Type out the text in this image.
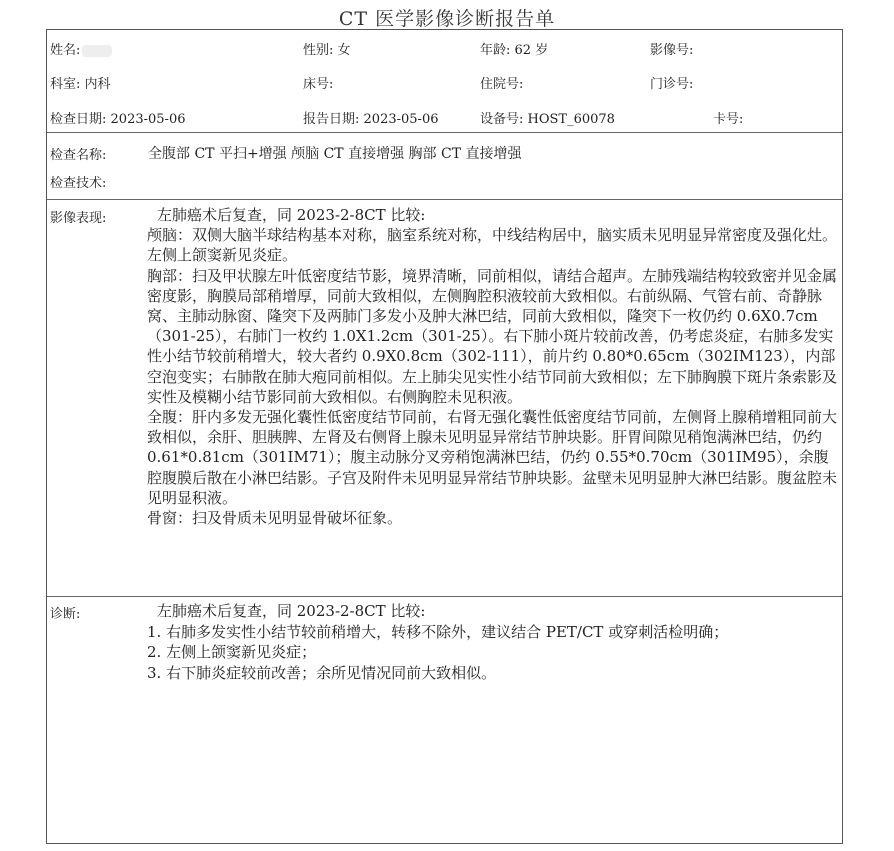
CT 医学影像诊断报告单
姓名:	性别: 女	年龄: 62 岁	影像号:
科室: 内科	床号:	住院号:	门诊号:
检查日期: 2023-05-06	报告日期: 2023-05-06	设备号: HOST_60078	卡号:
检查名称:	全腹部 CT 平扫+增强 颅脑 CT 直接增强 胸部 CT 直接增强
检查技术:
影像表现:	左肺癌术后复查，同 2023-2-8CT 比较:

颅脑：双侧大脑半球结构基本对称，脑室系统对称，中线结构居中，脑实质未见明显异常密度及强化灶。左侧上颌窦新见炎症。

胸部：扫及甲状腺左叶低密度结节影，境界清晰，同前相似，请结合超声。左肺残端结构较致密并见金属密度影，胸膜局部稍增厚，同前大致相似，左侧胸腔积液较前大致相似。右前纵隔、气管右前、奇静脉窝、主肺动脉窗、隆突下及两肺门多发小及肿大淋巴结，同前大致相似，隆突下一枚仍约 0.6X0.7cm（301-25），右肺门一枚约 1.0X1.2cm（301-25）。右下肺小斑片较前改善，仍考虑炎症，右肺多发实性小结节较前稍增大，较大者约 0.9X0.8cm（302-111），前片约 0.80*0.65cm（302IM123），内部空泡变实；右肺散在肺大疱同前相似。左上肺尖见实性小结节同前大致相似；左下肺胸膜下斑片条索影及实性及模糊小结节影同前大致相似。右侧胸腔未见积液。

全腹：肝内多发无强化囊性低密度结节同前，右肾无强化囊性低密度结节同前，左侧肾上腺稍增粗同前大致相似，余肝、胆胰脾、左肾及右侧肾上腺未见明显异常结节肿块影。肝胃间隙见稍饱满淋巴结，仍约 0.61*0.81cm（301IM71）；腹主动脉分叉旁稍饱满淋巴结，仍约 0.55*0.70cm（301IM95），余腹腔腹膜后散在小淋巴结影。子宫及附件未见明显异常结节肿块影。盆壁未见明显肿大淋巴结影。腹盆腔未见明显积液。

骨窗：扫及骨质未见明显骨破坏征象。

诊断:	左肺癌术后复查，同 2023-2-8CT 比较:

1. 右肺多发实性小结节较前稍增大，转移不除外，建议结合 PET/CT 或穿刺活检明确；
2. 左侧上颌窦新见炎症；
3. 右下肺炎症较前改善；余所见情况同前大致相似。
